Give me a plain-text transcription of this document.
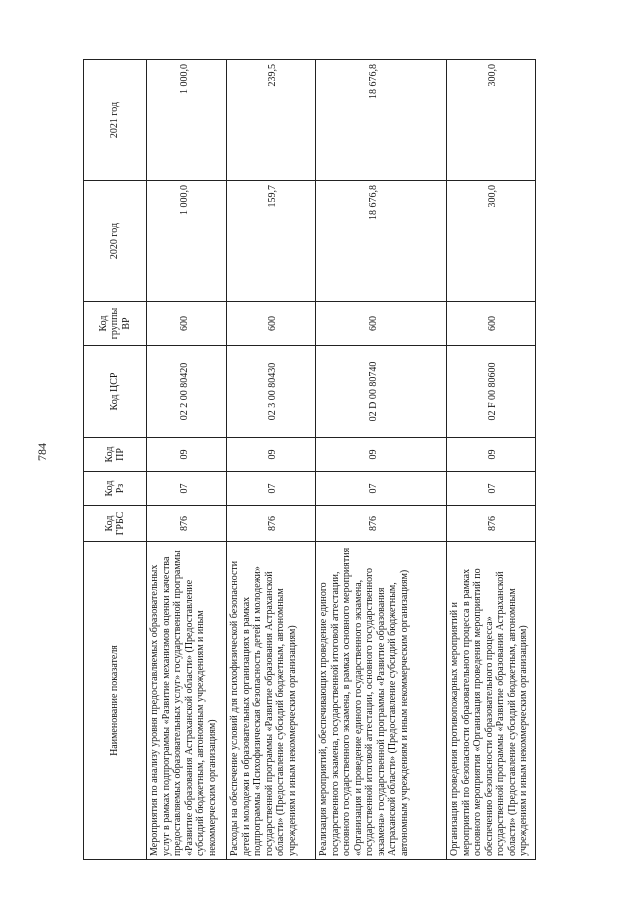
784
Наименование показателя	Код ГРБС	Код Рз	Код ПР	Код ЦСР	Код группы ВР	2020 год	2021 год
Мероприятия по анализу уровня предоставляемых образовательных услуг в рамках подпрограммы «Развитие механизмов оценки качества предоставляемых образовательных услуг» государственной программы «Развитие образования Астраханской области» (Предоставление субсидий бюджетным, автономным учреждениям и иным некоммерческим организациям)	876	07	09	02 2 00 80420	600	1 000,0	1 000,0

Расходы на обеспечение условий для психофизической безопасности детей и молодежи в образовательных организациях в рамках подпрограммы «Психофизическая безопасность детей и молодежи» государственной программы «Развитие образования Астраханской области» (Предоставление субсидий бюджетным, автономным учреждениям и иным некоммерческим организациям)	876	07	09	02 3 00 80430	600	159,7	239,5

Реализация мероприятий, обеспечивающих проведение единого государственного экзамена, государственной итоговой аттестации, основного государственного экзамена, в рамках основного мероприятия «Организация и проведение единого государственного экзамена, государственной итоговой аттестации, основного государственного экзамена» государственной программы «Развитие образования Астраханской области» (Предоставление субсидий бюджетным, автономным учреждениям и иным некоммерческим организациям)	876	07	09	02 D 00 80740	600	18 676,8	18 676,8

Организация проведения противопожарных мероприятий и мероприятий по безопасности образовательного процесса в рамках основного мероприятия «Организация проведения мероприятий по обеспечению безопасности образовательного процесса» государственной программы «Развитие образования Астраханской области» (Предоставление субсидий бюджетным, автономным учреждениям и иным некоммерческим организациям)	876	07	09	02 F 00 80600	600	300,0	300,0
